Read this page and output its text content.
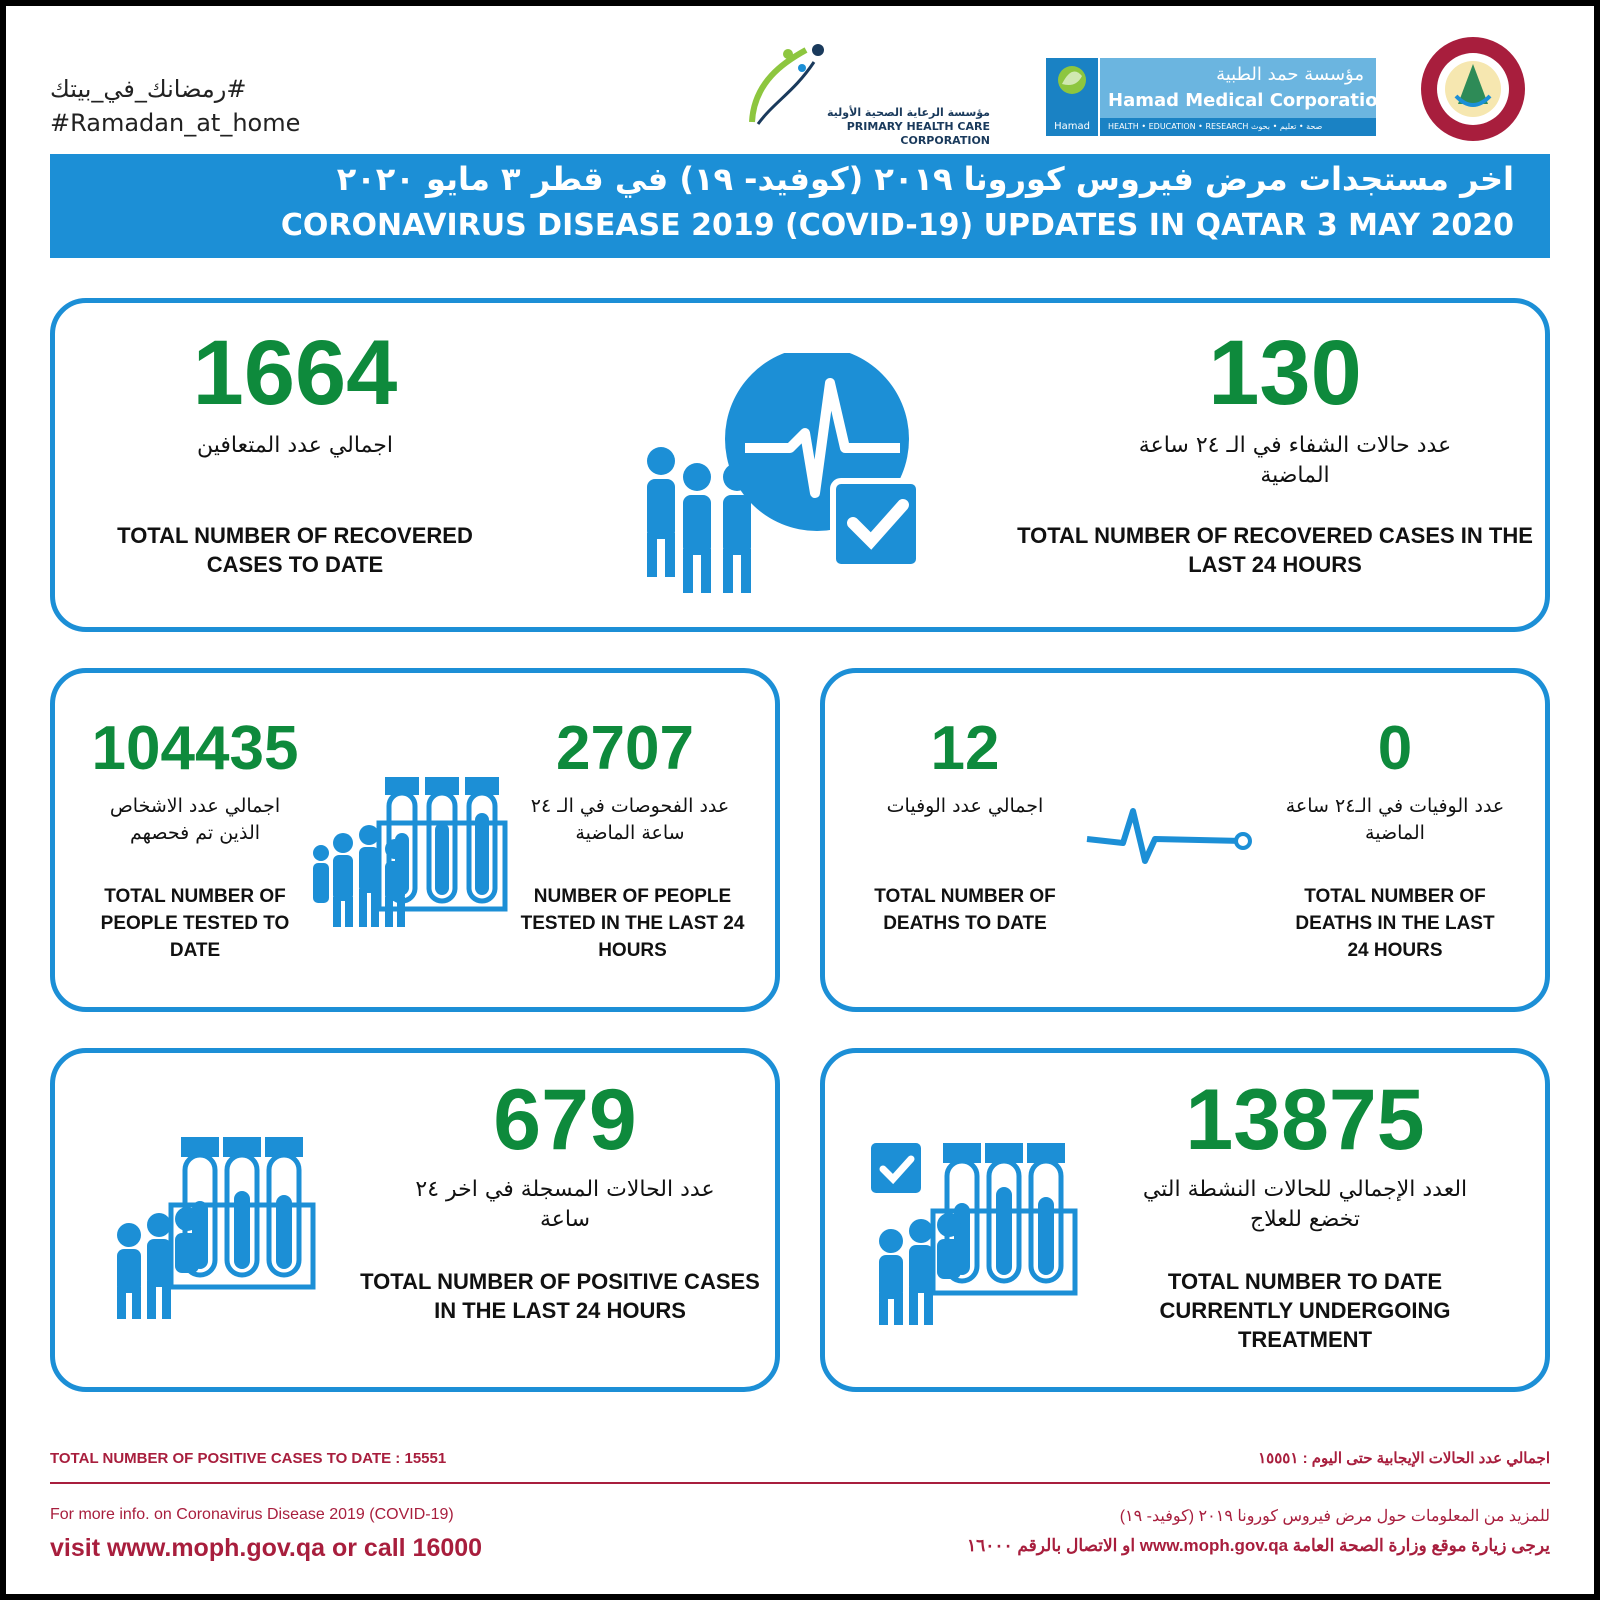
#رمضانك_في_بيتك
#Ramadan_at_home	مؤسسة الرعاية الصحية الأولية
PRIMARY HEALTH CARE CORPORATION
Hamad
مؤسسة حمد الطبية
Hamad Medical Corporation
HEALTH • EDUCATION • RESEARCH صحة • تعليم • بحوث
اخر مستجدات مرض فيروس كورونا ٢٠١٩ (كوفيد- ١٩) في قطر ٣ مايو ٢٠٢٠
CORONAVIRUS DISEASE 2019 (COVID-19) UPDATES IN QATAR 3 MAY 2020
1664
اجمالي عدد المتعافين
TOTAL NUMBER OF RECOVERED CASES TO DATE
130
عدد حالات الشفاء في الـ ٢٤ ساعة الماضية
TOTAL NUMBER OF RECOVERED CASES IN THE LAST 24 HOURS
104435
اجمالي عدد الاشخاص الذين تم فحصهم
TOTAL NUMBER OF PEOPLE TESTED TO DATE
2707
عدد الفحوصات في الـ ٢٤ ساعة الماضية
NUMBER OF PEOPLE TESTED IN THE LAST 24 HOURS
12
اجمالي عدد الوفيات
TOTAL NUMBER OF DEATHS TO DATE
0
عدد الوفيات في الـ٢٤ ساعة الماضية
TOTAL NUMBER OF DEATHS IN THE LAST 24 HOURS
679
عدد الحالات المسجلة في اخر ٢٤ ساعة
TOTAL NUMBER OF POSITIVE CASES IN THE LAST 24 HOURS
13875
العدد الإجمالي للحالات النشطة التي تخضع للعلاج
TOTAL NUMBER TO DATE CURRENTLY UNDERGOING TREATMENT
TOTAL NUMBER OF POSITIVE CASES TO DATE : 15551	اجمالي عدد الحالات الإيجابية حتى اليوم : ١٥٥٥١
For more info. on Coronavirus Disease 2019 (COVID-19)
visit www.moph.gov.qa or call 16000
للمزيد من المعلومات حول مرض فيروس كورونا ٢٠١٩ (كوفيد- ١٩)
يرجى زيارة موقع وزارة الصحة العامة www.moph.gov.qa او الاتصال بالرقم ١٦٠٠٠
